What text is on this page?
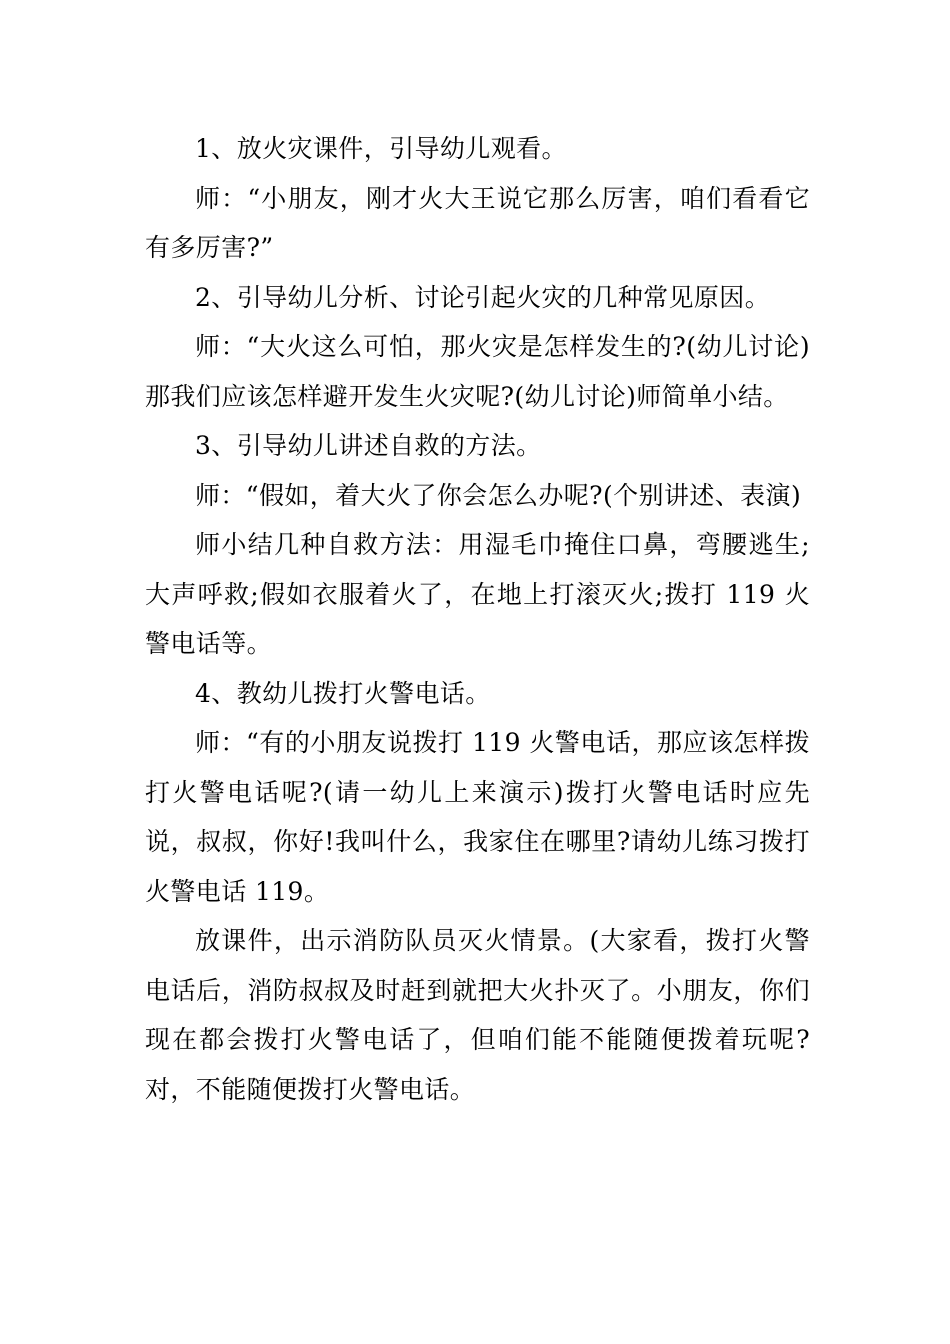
1、放火灾课件，引导幼儿观看。

师：“小朋友，刚才火大王说它那么厉害，咱们看看它有多厉害?”

2、引导幼儿分析、讨论引起火灾的几种常见原因。

师：“大火这么可怕，那火灾是怎样发生的?(幼儿讨论)那我们应该怎样避开发生火灾呢?(幼儿讨论)师简单小结。

3、引导幼儿讲述自救的方法。

师：“假如，着大火了你会怎么办呢?(个别讲述、表演)

师小结几种自救方法：用湿毛巾掩住口鼻，弯腰逃生;大声呼救;假如衣服着火了，在地上打滚灭火;拨打 119 火警电话等。

4、教幼儿拨打火警电话。

师：“有的小朋友说拨打 119 火警电话，那应该怎样拨打火警电话呢?(请一幼儿上来演示)拨打火警电话时应先说，叔叔，你好!我叫什么，我家住在哪里?请幼儿练习拨打火警电话 119。

放课件，出示消防队员灭火情景。(大家看，拨打火警电话后，消防叔叔及时赶到就把大火扑灭了。小朋友，你们现在都会拨打火警电话了，但咱们能不能随便拨着玩呢?对，不能随便拨打火警电话。
